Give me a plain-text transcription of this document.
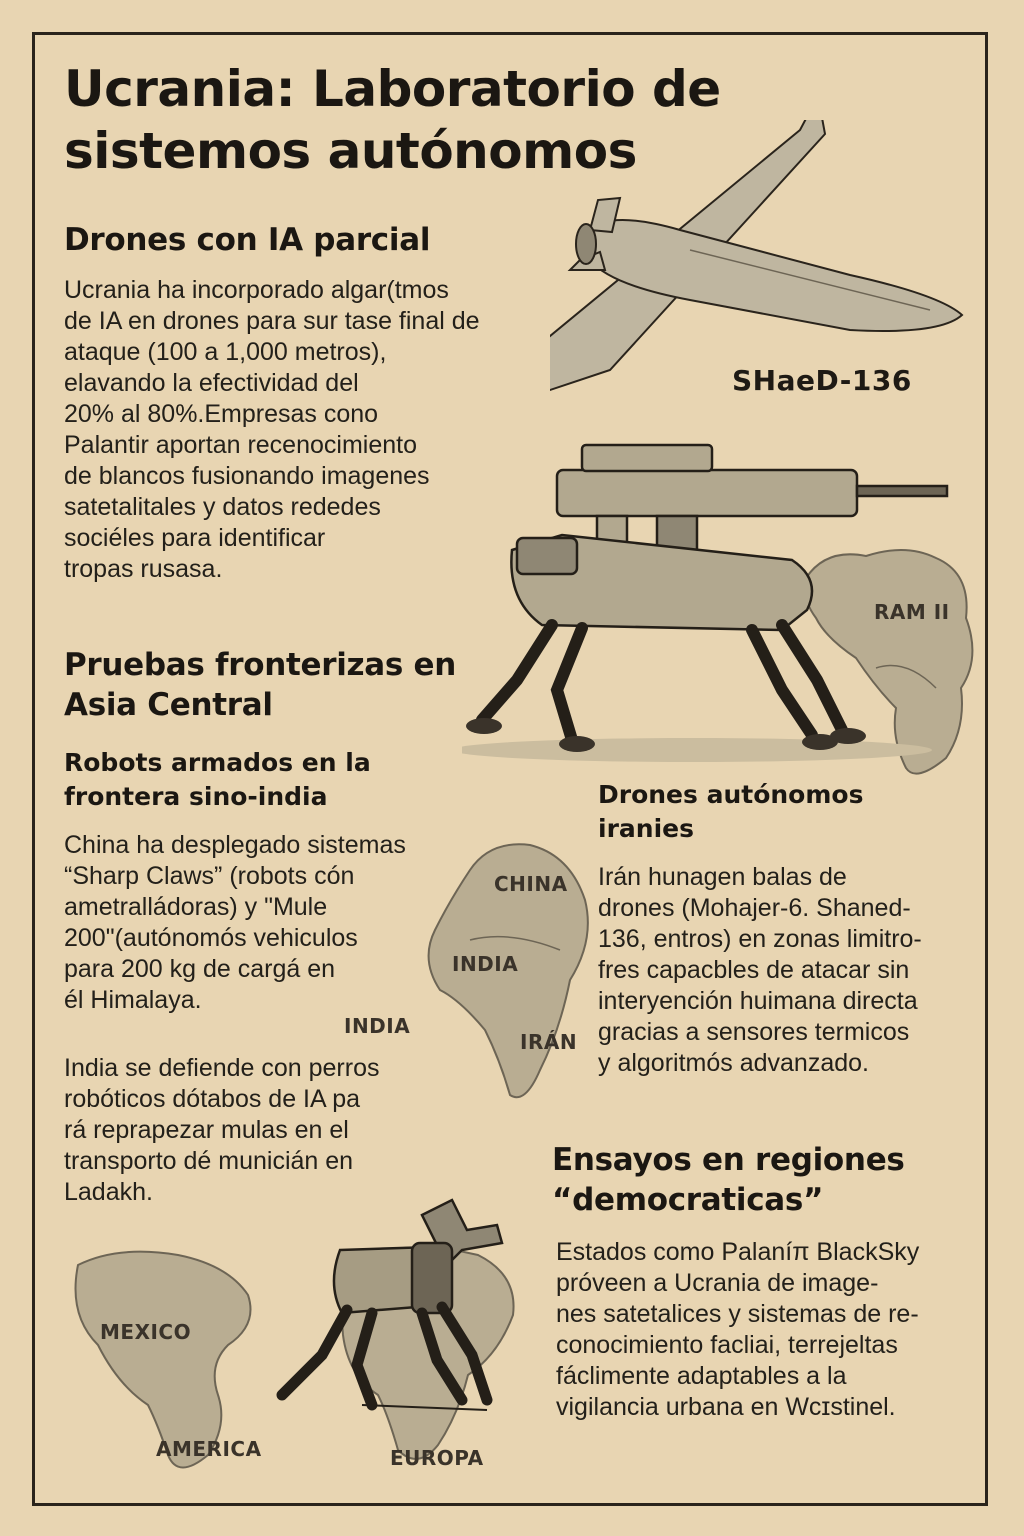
Ucrania: Laboratorio de sistemos autónomos
SHaeD-136
RAM II
CHINA
INDIA
INDIA
IRÁN
MEXICO
AMERICA	EUROPA
Drones con IA parcial

Ucrania ha incorporado algar(tmos
de IA en drones para sur tase final de
ataque (100 a 1,000 metros),
elavando la efectividad del
20% al 80%.Empresas cono
Palantir aportan recenocimiento
de blancos fusionando imagenes
satetalitales y datos rededes
sociéles para identificar
tropas rusasa.

Pruebas fronterizas en Asia Central
Robots armados en la frontera sino-india

China ha desplegado sistemas
“Sharp Claws” (robots cón
ametralládoras) y "Mule
200"(autónomós vehiculos
para 200 kg de cargá en
él Himalaya.

India se defiende con perros
robóticos dótabos de IA pa
rá reprapezar mulas en el
transporto dé municián en
Ladakh.

Drones autónomos iranies

Irán hunagen balas de
drones (Mohajer-6. Shaned-
136, entros) en zonas limitro-
fres capacbles de atacar sin
interyención huimana directa
gracias a sensores termicos
y algoritmós advanzado.

Ensayos en regiones “democraticas”

Estados como Palaníπ BlackSky
próveen a Ucrania de image-
nes satetalices y sistemas de re-
conocimiento facliai, terrejeltas
fáclimente adaptables a la
vigilancia urbana en Wcɪstinel.
